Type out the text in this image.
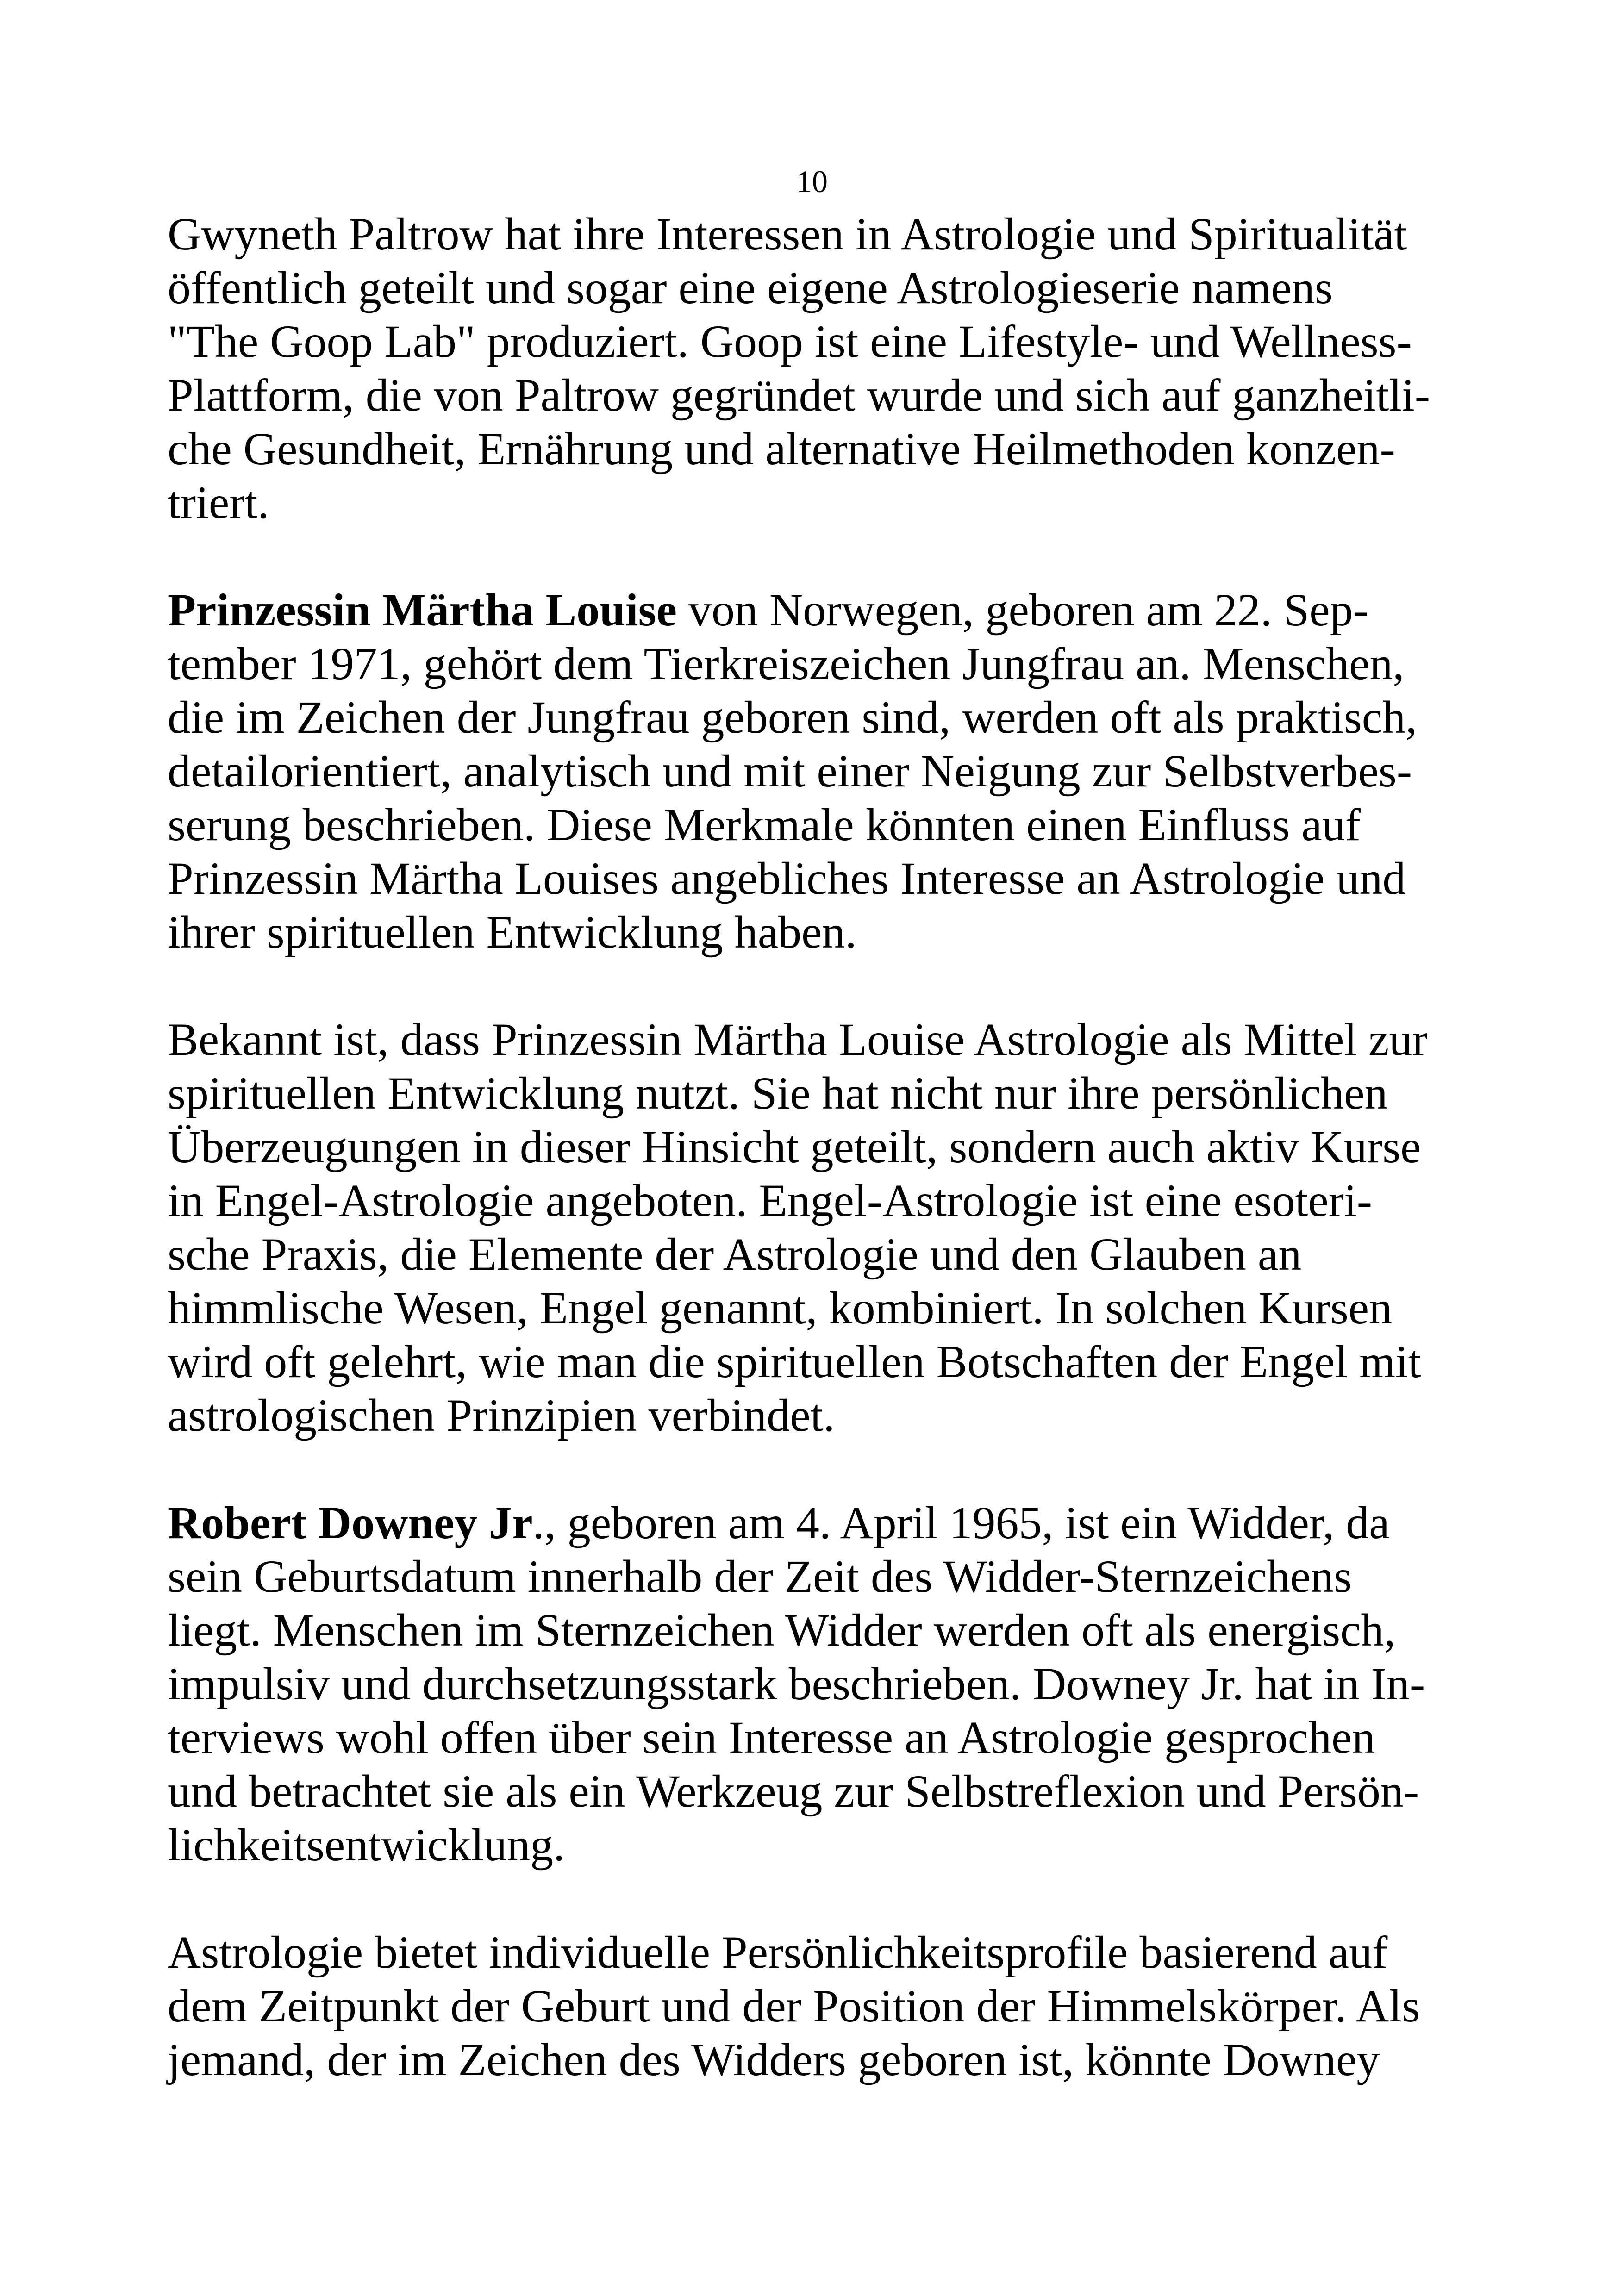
10
Gwyneth Paltrow hat ihre Interessen in Astrologie und Spiritualität
öffentlich geteilt und sogar eine eigene Astrologieserie namens
"The Goop Lab" produziert. Goop ist eine Lifestyle- und Wellness-
Plattform, die von Paltrow gegründet wurde und sich auf ganzheitli-
che Gesundheit, Ernährung und alternative Heilmethoden konzen-
triert.
Prinzessin Märtha Louise von Norwegen, geboren am 22. Sep-
tember 1971, gehört dem Tierkreiszeichen Jungfrau an. Menschen,
die im Zeichen der Jungfrau geboren sind, werden oft als praktisch,
detailorientiert, analytisch und mit einer Neigung zur Selbstverbes-
serung beschrieben. Diese Merkmale könnten einen Einfluss auf
Prinzessin Märtha Louises angebliches Interesse an Astrologie und
ihrer spirituellen Entwicklung haben.
Bekannt ist, dass Prinzessin Märtha Louise Astrologie als Mittel zur
spirituellen Entwicklung nutzt. Sie hat nicht nur ihre persönlichen
Überzeugungen in dieser Hinsicht geteilt, sondern auch aktiv Kurse
in Engel-Astrologie angeboten. Engel-Astrologie ist eine esoteri-
sche Praxis, die Elemente der Astrologie und den Glauben an
himmlische Wesen, Engel genannt, kombiniert. In solchen Kursen
wird oft gelehrt, wie man die spirituellen Botschaften der Engel mit
astrologischen Prinzipien verbindet.
Robert Downey Jr., geboren am 4. April 1965, ist ein Widder, da
sein Geburtsdatum innerhalb der Zeit des Widder-Sternzeichens
liegt. Menschen im Sternzeichen Widder werden oft als energisch,
impulsiv und durchsetzungsstark beschrieben. Downey Jr. hat in In-
terviews wohl offen über sein Interesse an Astrologie gesprochen
und betrachtet sie als ein Werkzeug zur Selbstreflexion und Persön-
lichkeitsentwicklung.
Astrologie bietet individuelle Persönlichkeitsprofile basierend auf
dem Zeitpunkt der Geburt und der Position der Himmelskörper. Als
jemand, der im Zeichen des Widders geboren ist, könnte Downey
